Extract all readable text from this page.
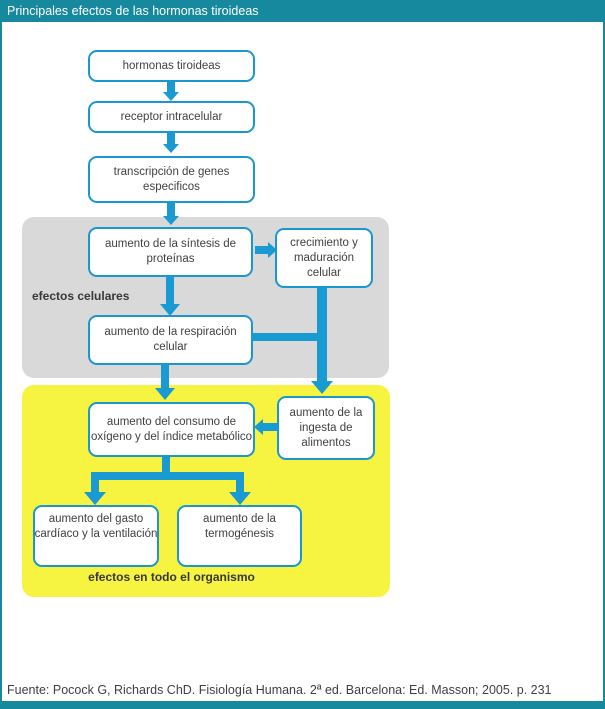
Principales efectos de las hormonas tiroideas
hormonas tiroideas
receptor intracelular
transcripción de genes
especificos
aumento de la síntesis de
proteínas
crecimiento y
maduración
celular
efectos celulares
aumento de la respiración
celular
aumento del consumo de
oxígeno y del índice metabólico
aumento de la
ingesta de
alimentos
aumento del gasto
cardíaco y la ventilación
aumento de la
termogénesis
efectos en todo el organismo
Fuente: Pocock G, Richards ChD. Fisiología Humana. 2ª ed. Barcelona: Ed. Masson; 2005. p. 231
